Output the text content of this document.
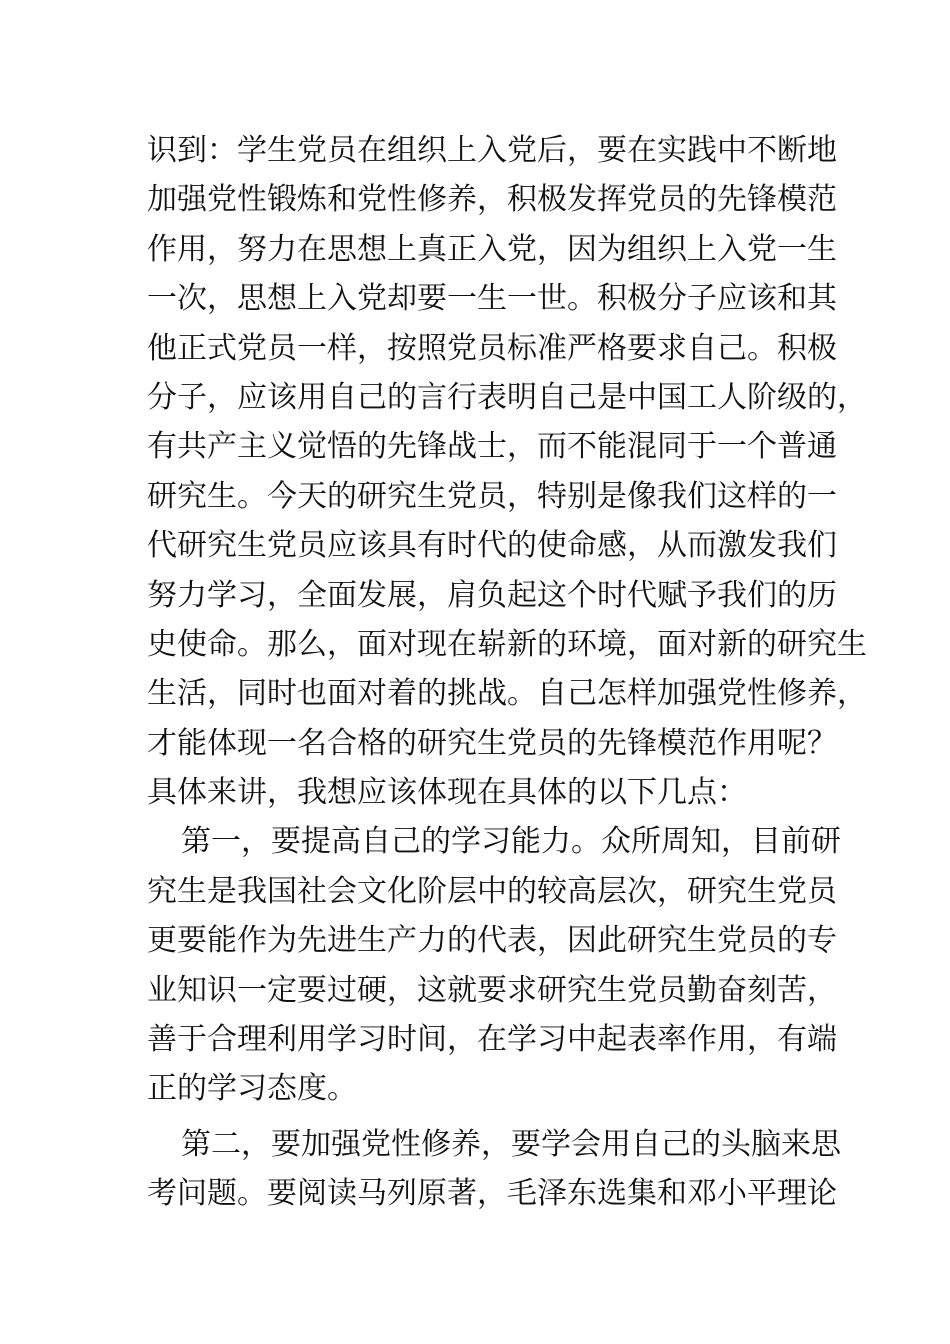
识到：学生党员在组织上入党后，要在实践中不断地
加强党性锻炼和党性修养，积极发挥党员的先锋模范
作用，努力在思想上真正入党，因为组织上入党一生
一次，思想上入党却要一生一世。积极分子应该和其
他正式党员一样，按照党员标准严格要求自己。积极
分子，应该用自己的言行表明自己是中国工人阶级的，
有共产主义觉悟的先锋战士，而不能混同于一个普通
研究生。今天的研究生党员，特别是像我们这样的一
代研究生党员应该具有时代的使命感，从而激发我们
努力学习，全面发展，肩负起这个时代赋予我们的历
史使命。那么，面对现在崭新的环境，面对新的研究生
生活，同时也面对着的挑战。自己怎样加强党性修养，
才能体现一名合格的研究生党员的先锋模范作用呢？
具体来讲，我想应该体现在具体的以下几点：
第一，要提高自己的学习能力。众所周知，目前研
究生是我国社会文化阶层中的较高层次，研究生党员
更要能作为先进生产力的代表，因此研究生党员的专
业知识一定要过硬，这就要求研究生党员勤奋刻苦，
善于合理利用学习时间，在学习中起表率作用，有端
正的学习态度。
第二，要加强党性修养，要学会用自己的头脑来思
考问题。要阅读马列原著，毛泽东选集和邓小平理论
